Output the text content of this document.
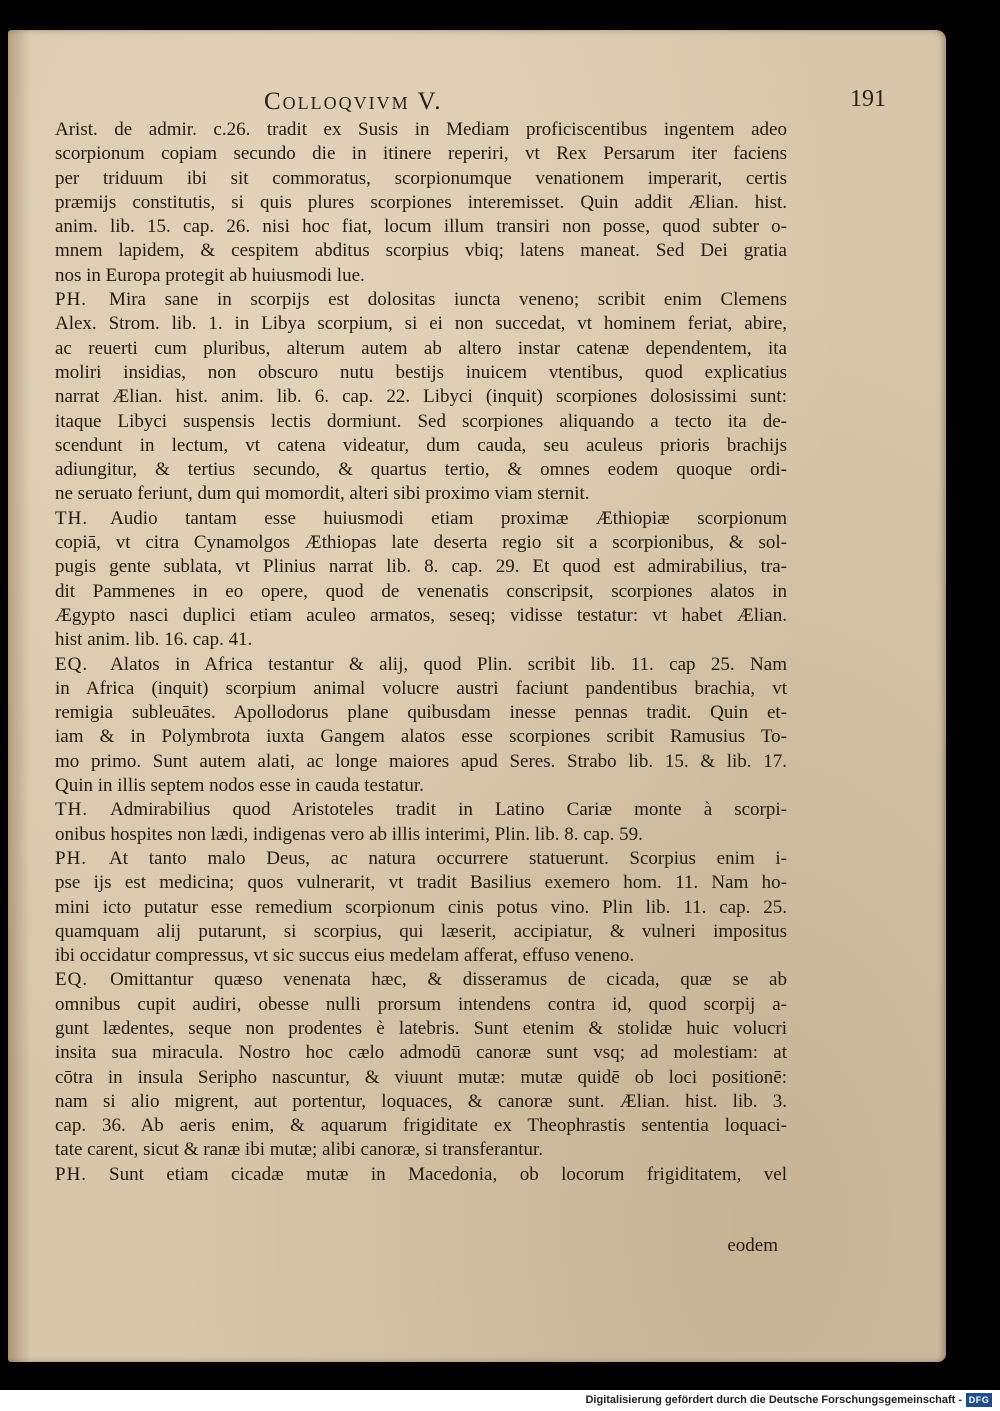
Colloqvivm V.	191

Arist. de admir. c.26. tradit ex Susis in Mediam proficiscentibus ingentem adeo

scorpionum copiam secundo die in itinere reperiri, vt Rex Persarum iter faciens

per triduum ibi sit commoratus, scorpionumque venationem imperarit, certis

præmijs constitutis, si quis plures scorpiones interemisset. Quin addit Ælian. hist.

anim. lib. 15. cap. 26. nisi hoc fiat, locum illum transiri non posse, quod subter o-

mnem lapidem, & cespitem abditus scorpius vbiq; latens maneat. Sed Dei gratia

nos in Europa protegit ab huiusmodi lue.

PH. Mira sane in scorpijs est dolositas iuncta veneno; scribit enim Clemens

Alex. Strom. lib. 1. in Libya scorpium, si ei non succedat, vt hominem feriat, abire,

ac reuerti cum pluribus, alterum autem ab altero instar catenæ dependentem, ita

moliri insidias, non obscuro nutu bestijs inuicem vtentibus, quod explicatius

narrat Ælian. hist. anim. lib. 6. cap. 22. Libyci (inquit) scorpiones dolosissimi sunt:

itaque Libyci suspensis lectis dormiunt. Sed scorpiones aliquando a tecto ita de-

scendunt in lectum, vt catena videatur, dum cauda, seu aculeus prioris brachijs

adiungitur, & tertius secundo, & quartus tertio, & omnes eodem quoque ordi-

ne seruato feriunt, dum qui momordit, alteri sibi proximo viam sternit.

TH. Audio tantam esse huiusmodi etiam proximæ Æthiopiæ scorpionum

copiā, vt citra Cynamolgos Æthiopas late deserta regio sit a scorpionibus, & sol-

pugis gente sublata, vt Plinius narrat lib. 8. cap. 29. Et quod est admirabilius, tra-

dit Pammenes in eo opere, quod de venenatis conscripsit, scorpiones alatos in

Ægypto nasci duplici etiam aculeo armatos, seseq; vidisse testatur: vt habet Ælian.

hist anim. lib. 16. cap. 41.

EQ. Alatos in Africa testantur & alij, quod Plin. scribit lib. 11. cap 25. Nam

in Africa (inquit) scorpium animal volucre austri faciunt pandentibus brachia, vt

remigia subleuātes. Apollodorus plane quibusdam inesse pennas tradit. Quin et-

iam & in Polymbrota iuxta Gangem alatos esse scorpiones scribit Ramusius To-

mo primo. Sunt autem alati, ac longe maiores apud Seres. Strabo lib. 15. & lib. 17.

Quin in illis septem nodos esse in cauda testatur.

TH. Admirabilius quod Aristoteles tradit in Latino Cariæ monte à scorpi-

onibus hospites non lædi, indigenas vero ab illis interimi, Plin. lib. 8. cap. 59.

PH. At tanto malo Deus, ac natura occurrere statuerunt. Scorpius enim i-

pse ijs est medicina; quos vulnerarit, vt tradit Basilius exemero hom. 11. Nam ho-

mini icto putatur esse remedium scorpionum cinis potus vino. Plin lib. 11. cap. 25.

quamquam alij putarunt, si scorpius, qui læserit, accipiatur, & vulneri impositus

ibi occidatur compressus, vt sic succus eius medelam afferat, effuso veneno.

EQ. Omittantur quæso venenata hæc, & disseramus de cicada, quæ se ab

omnibus cupit audiri, obesse nulli prorsum intendens contra id, quod scorpij a-

gunt lædentes, seque non prodentes è latebris. Sunt etenim & stolidæ huic volucri

insita sua miracula. Nostro hoc cælo admodū canoræ sunt vsq; ad molestiam: at

cōtra in insula Seripho nascuntur, & viuunt mutæ: mutæ quidē ob loci positionē:

nam si alio migrent, aut portentur, loquaces, & canoræ sunt. Ælian. hist. lib. 3.

cap. 36. Ab aeris enim, & aquarum frigiditate ex Theophrastis sententia loquaci-

tate carent, sicut & ranæ ibi mutæ; alibi canoræ, si transferantur.

PH. Sunt etiam cicadæ mutæ in Macedonia, ob locorum frigiditatem, vel

eodem
Digitalisierung gefördert durch die Deutsche Forschungsgemeinschaft - DFG
